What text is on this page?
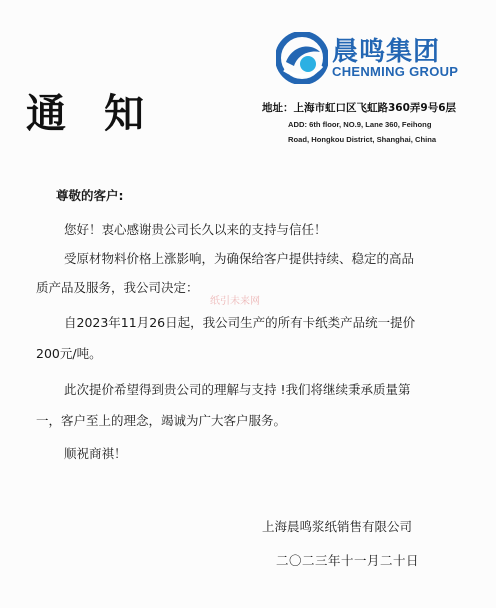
晨鸣集团
CHENMING GROUP
通知	地址：上海市虹口区飞虹路360弄9号6层
ADD: 6th floor, NO.9, Lane 360, Feihong
Road, Hongkou District, Shanghai, China
尊敬的客户:
您好！衷心感谢贵公司长久以来的支持与信任！
受原材物料价格上涨影响，为确保给客户提供持续、稳定的高品
质产品及服务，我公司决定：
自2023年11月26日起，我公司生产的所有卡纸类产品统一提价
200元/吨。
此次提价希望得到贵公司的理解与支持 !我们将继续秉承质量第
一，客户至上的理念，竭诚为广大客户服务。
顺祝商祺！
纸引未来网
上海晨鸣浆纸销售有限公司
二〇二三年十一月二十日
